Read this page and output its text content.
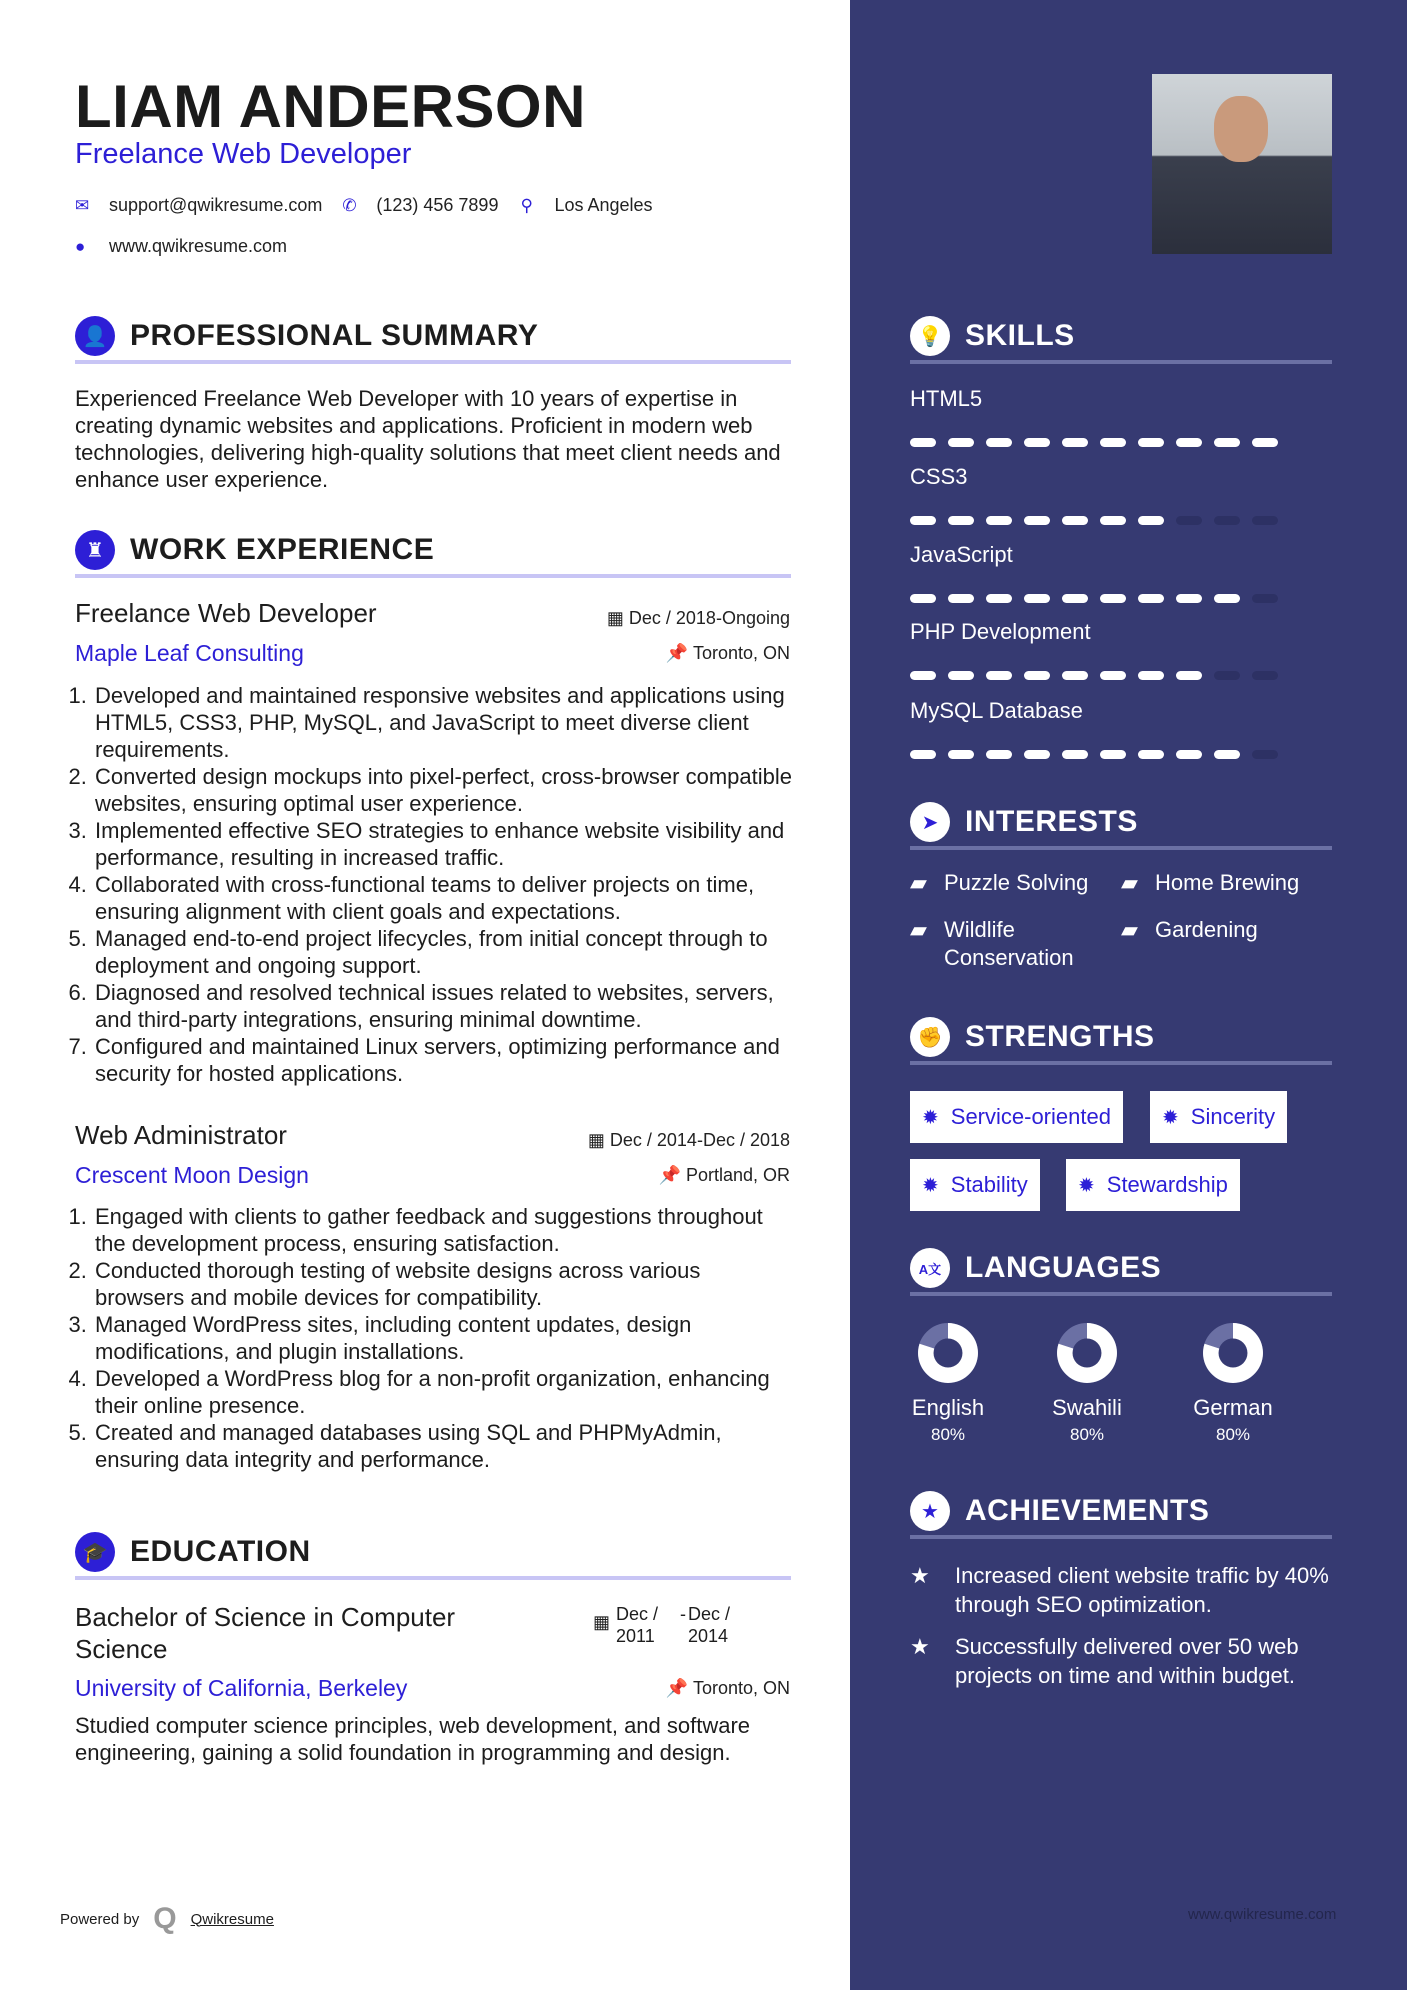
LIAM ANDERSON
Freelance Web Developer
✉	support@qwikresume.com ✆	(123) 456 7899 ⚲	Los Angeles
●	www.qwikresume.com
👤 PROFESSIONAL SUMMARY
Experienced Freelance Web Developer with 10 years of expertise in creating dynamic websites and applications. Proficient in modern web technologies, delivering high-quality solutions that meet client needs and enhance user experience.
♜ WORK EXPERIENCE
Freelance Web Developer	▦ Dec / 2018-Ongoing
Maple Leaf Consulting	📌 Toronto, ON
1. Developed and maintained responsive websites and applications using HTML5, CSS3, PHP, MySQL, and JavaScript to meet diverse client requirements.
2. Converted design mockups into pixel-perfect, cross-browser compatible websites, ensuring optimal user experience.
3. Implemented effective SEO strategies to enhance website visibility and performance, resulting in increased traffic.
4. Collaborated with cross-functional teams to deliver projects on time, ensuring alignment with client goals and expectations.
5. Managed end-to-end project lifecycles, from initial concept through to deployment and ongoing support.
6. Diagnosed and resolved technical issues related to websites, servers, and third-party integrations, ensuring minimal downtime.
7. Configured and maintained Linux servers, optimizing performance and security for hosted applications.
Web Administrator	▦ Dec / 2014-Dec / 2018
Crescent Moon Design	📌 Portland, OR
1. Engaged with clients to gather feedback and suggestions throughout the development process, ensuring satisfaction.
2. Conducted thorough testing of website designs across various browsers and mobile devices for compatibility.
3. Managed WordPress sites, including content updates, design modifications, and plugin installations.
4. Developed a WordPress blog for a non-profit organization, enhancing their online presence.
5. Created and managed databases using SQL and PHPMyAdmin, ensuring data integrity and performance.
🎓 EDUCATION
Bachelor of Science in Computer Science
▦ Dec / 2011
- Dec / 2014
University of California, Berkeley	📌 Toronto, ON
Studied computer science principles, web development, and software engineering, gaining a solid foundation in programming and design.
Powered by Q Qwikresume
💡 SKILLS
HTML5
CSS3
JavaScript
PHP Development
MySQL Database
➤ INTERESTS
▰ Puzzle Solving ▰ Home Brewing
▰ Wildlife Conservation
▰ Gardening
✊ STRENGTHS
✹ Service-oriented	✹ Sincerity
✹ Stability	✹ Stewardship
A文 LANGUAGES
English
80%
Swahili
80%
German
80%
★ ACHIEVEMENTS
★	Increased client website traffic by 40% through SEO optimization.
★	Successfully delivered over 50 web projects on time and within budget.
www.qwikresume.com
